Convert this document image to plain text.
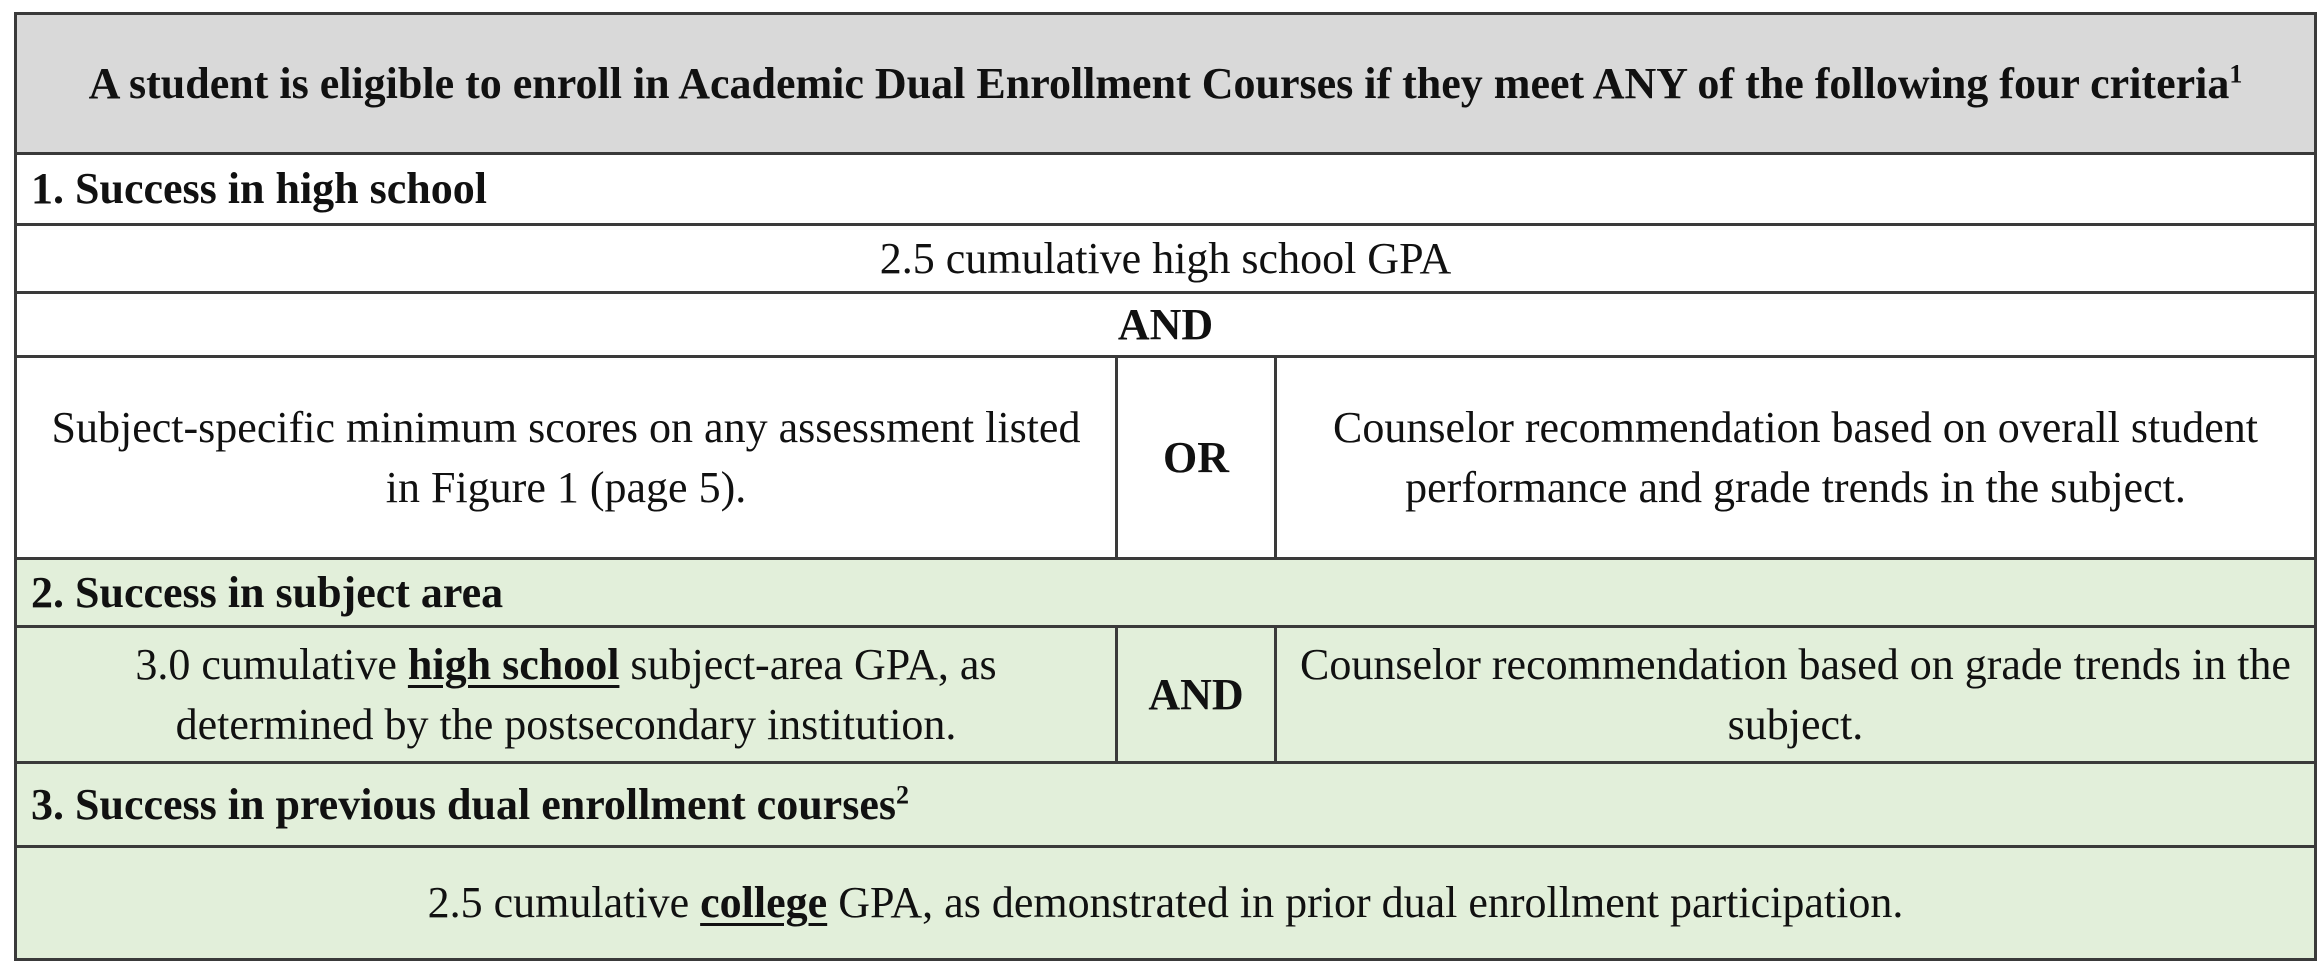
A student is eligible to enroll in Academic Dual Enrollment Courses if they meet ANY of the following four criteria$^1$
1. Success in high school		
2.5 cumulative high school GPA		
AND		
Subject-specific minimum scores on any assessment listed in Figure 1 (page 5).	OR	Counselor recommendation based on overall student performance and grade trends in the subject.
2. Success in subject area		
3.0 cumulative high school subject-area GPA, as determined by the postsecondary institution.	AND	Counselor recommendation based on grade trends in the subject.
3. Success in previous dual enrollment courses$^2$
2.5 cumulative college GPA, as demonstrated in prior dual enrollment participation.		
